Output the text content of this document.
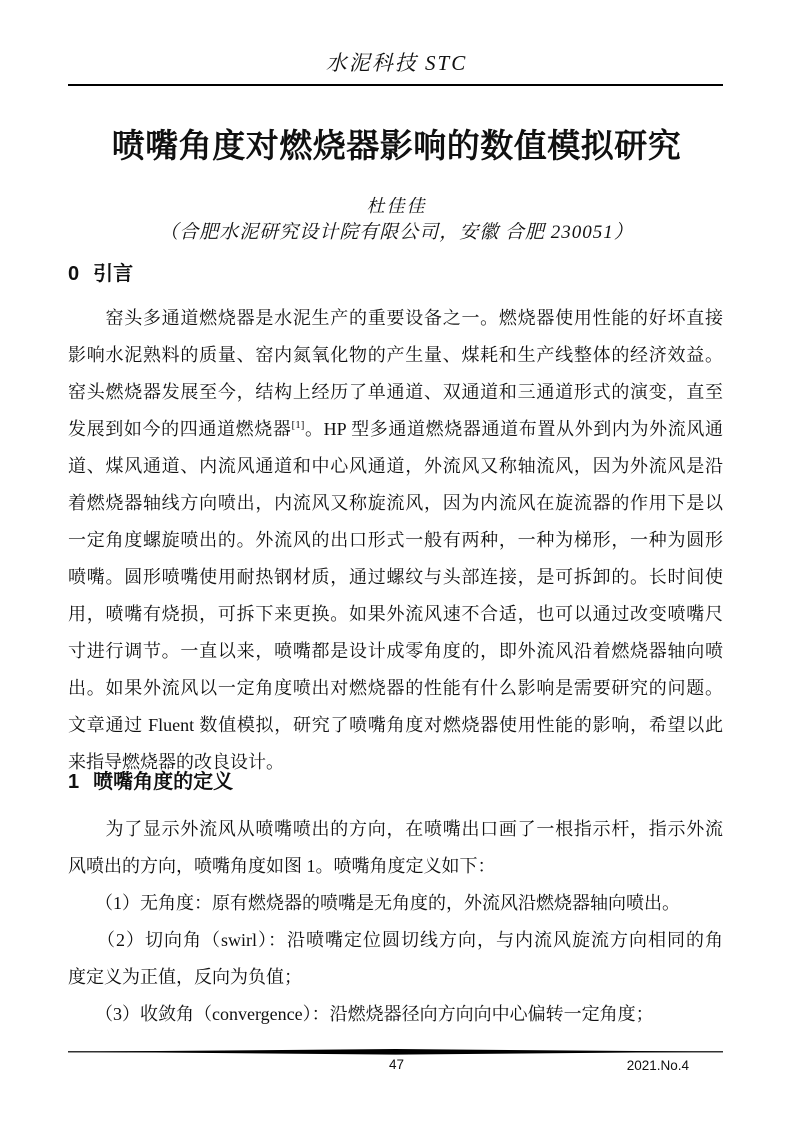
水泥科技 STC
喷嘴角度对燃烧器影响的数值模拟研究
杜佳佳
（合肥水泥研究设计院有限公司，安徽 合肥 230051）
0 引言
　　窑头多通道燃烧器是水泥生产的重要设备之一。燃烧器使用性能的好坏直接
影响水泥熟料的质量、窑内氮氧化物的产生量、煤耗和生产线整体的经济效益。
窑头燃烧器发展至今，结构上经历了单通道、双通道和三通道形式的演变，直至
发展到如今的四通道燃烧器[1]。HP 型多通道燃烧器通道布置从外到内为外流风通
道、煤风通道、内流风通道和中心风通道，外流风又称轴流风，因为外流风是沿
着燃烧器轴线方向喷出，内流风又称旋流风，因为内流风在旋流器的作用下是以
一定角度螺旋喷出的。外流风的出口形式一般有两种，一种为梯形，一种为圆形
喷嘴。圆形喷嘴使用耐热钢材质，通过螺纹与头部连接，是可拆卸的。长时间使
用，喷嘴有烧损，可拆下来更换。如果外流风速不合适，也可以通过改变喷嘴尺
寸进行调节。一直以来，喷嘴都是设计成零角度的，即外流风沿着燃烧器轴向喷
出。如果外流风以一定角度喷出对燃烧器的性能有什么影响是需要研究的问题。
文章通过 Fluent 数值模拟，研究了喷嘴角度对燃烧器使用性能的影响，希望以此
来指导燃烧器的改良设计。
1 喷嘴角度的定义
　　为了显示外流风从喷嘴喷出的方向，在喷嘴出口画了一根指示杆，指示外流
风喷出的方向，喷嘴角度如图 1。喷嘴角度定义如下：
　　（1）无角度：原有燃烧器的喷嘴是无角度的，外流风沿燃烧器轴向喷出。
　　（2）切向角（swirl）：沿喷嘴定位圆切线方向，与内流风旋流方向相同的角
度定义为正值，反向为负值；
　　（3）收敛角（convergence）：沿燃烧器径向方向向中心偏转一定角度；
47	2021.No.4
